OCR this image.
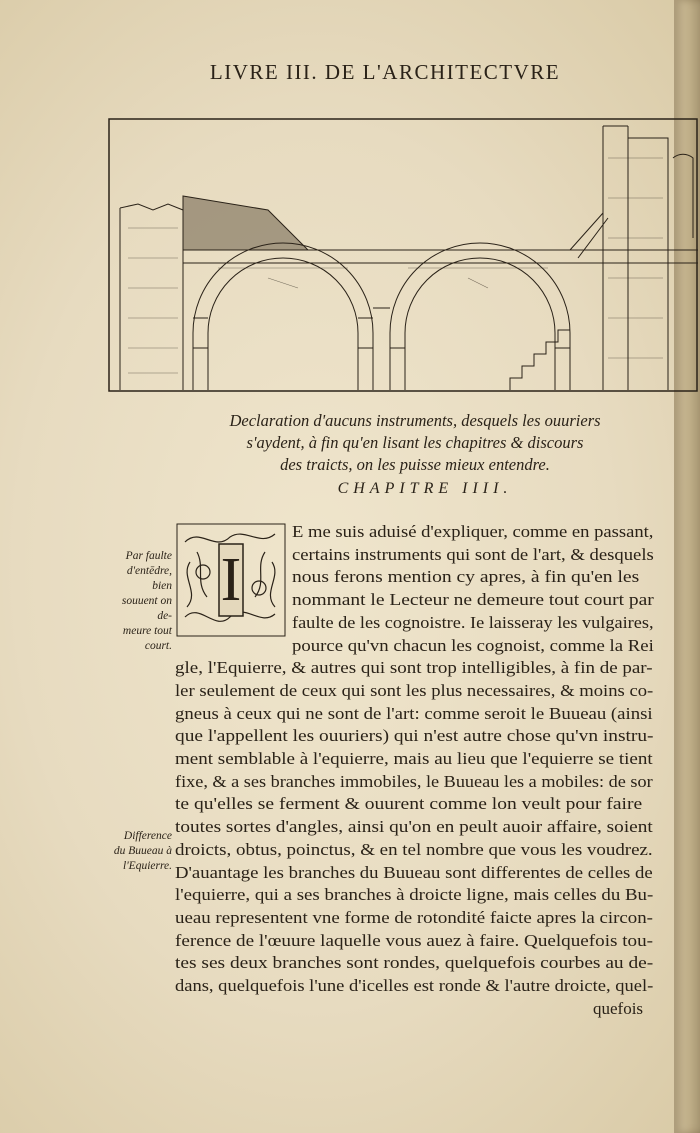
LIVRE III. DE L'ARCHITECTVRE
Declaration d'aucuns instruments, desquels les ouuriers
s'aydent, à fin qu'en lisant les chapitres & discours
des traicts, on les puisse mieux entendre.
CHAPITRE IIII.
Par faulte
d'entēdre, bien
souuent on de-
meure tout
court.
Difference
du Buueau à
l'Equierre.
I
E me suis aduisé d'expliquer, comme en passant,
certains instruments qui sont de l'art, & desquels
nous ferons mention cy apres, à fin qu'en les
nommant le Lecteur ne demeure tout court par
faulte de les cognoistre. Ie laisseray les vulgaires,
pource qu'vn chacun les cognoist, comme la Rei
gle, l'Equierre, & autres qui sont trop intelligibles, à fin de par-
ler seulement de ceux qui sont les plus necessaires, & moins co-
gneus à ceux qui ne sont de l'art: comme seroit le Buueau (ainsi
que l'appellent les ouuriers) qui n'est autre chose qu'vn instru-
ment semblable à l'equierre, mais au lieu que l'equierre se tient
fixe, & a ses branches immobiles, le Buueau les a mobiles: de sor
te qu'elles se ferment & ouurent comme lon veult pour faire
toutes sortes d'angles, ainsi qu'on en peult auoir affaire, soient
droicts, obtus, poinctus, & en tel nombre que vous les voudrez.
D'auantage les branches du Buueau sont differentes de celles de
l'equierre, qui a ses branches à droicte ligne, mais celles du Bu-
ueau representent vne forme de rotondité faicte apres la circon-
ference de l'œuure laquelle vous auez à faire. Quelquefois tou-
tes ses deux branches sont rondes, quelquefois courbes au de-
dans, quelquefois l'une d'icelles est ronde & l'autre droicte, quel-
quefois
